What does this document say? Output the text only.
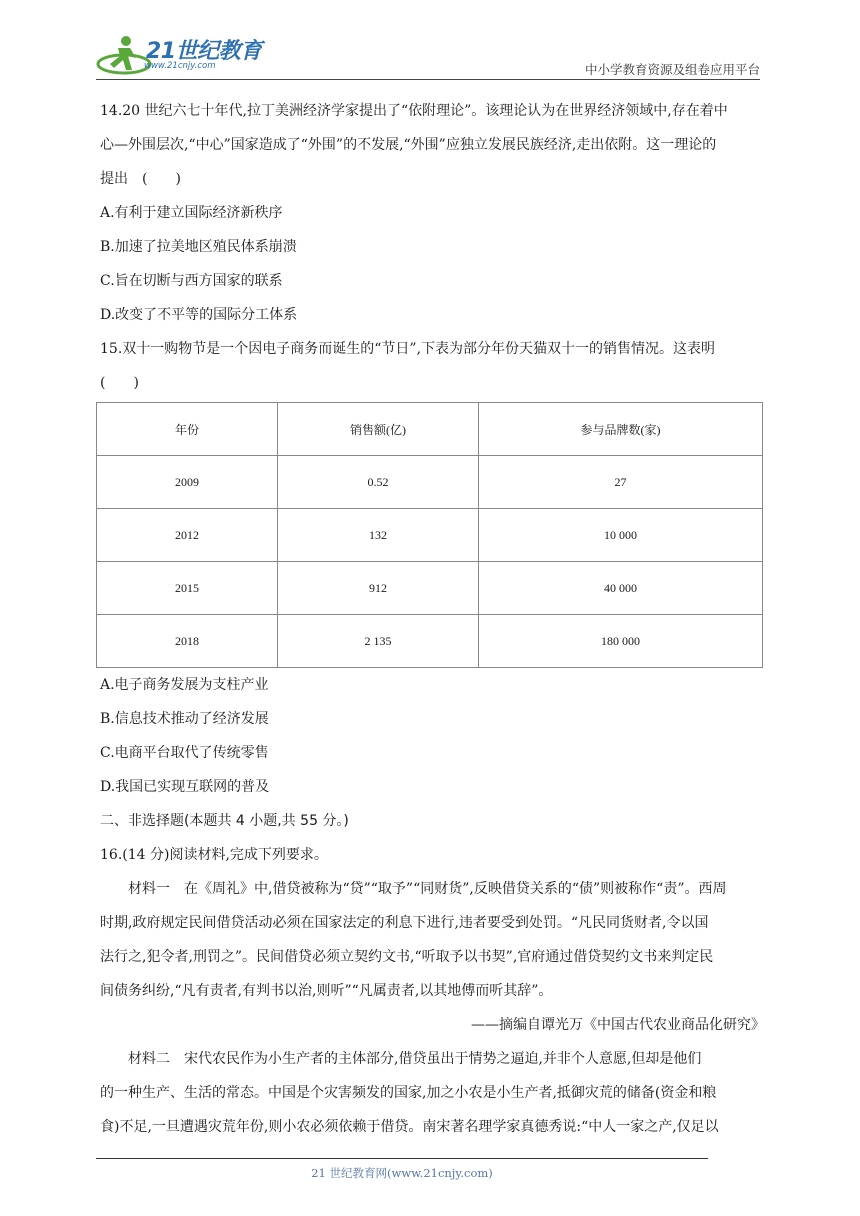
21世纪教育
www.21cnjy.com	中小学教育资源及组卷应用平台
14.20 世纪六七十年代,拉丁美洲经济学家提出了“依附理论”。该理论认为在世界经济领域中,存在着中
心—外围层次,“中心”国家造成了“外围”的不发展,“外围”应独立发展民族经济,走出依附。这一理论的
提出　(　　)
A.有利于建立国际经济新秩序
B.加速了拉美地区殖民体系崩溃
C.旨在切断与西方国家的联系
D.改变了不平等的国际分工体系
15.双十一购物节是一个因电子商务而诞生的“节日”,下表为部分年份天猫双十一的销售情况。这表明
(　　)
年份	销售额(亿)	参与品牌数(家)
2009	0.52	27
2012	132	10 000
2015	912	40 000
2018	2 135	180 000
A.电子商务发展为支柱产业
B.信息技术推动了经济发展
C.电商平台取代了传统零售
D.我国已实现互联网的普及
二、非选择题(本题共 4 小题,共 55 分。)
16.(14 分)阅读材料,完成下列要求。
材料一　在《周礼》中,借贷被称为“贷”“取予”“同财货”,反映借贷关系的“债”则被称作“责”。西周
时期,政府规定民间借贷活动必须在国家法定的利息下进行,违者要受到处罚。“凡民同货财者,令以国
法行之,犯令者,刑罚之”。民间借贷必须立契约文书,“听取予以书契”,官府通过借贷契约文书来判定民
间债务纠纷,“凡有责者,有判书以治,则听”“凡属责者,以其地傅而听其辞”。
——摘编自谭光万《中国古代农业商品化研究》
材料二　宋代农民作为小生产者的主体部分,借贷虽出于情势之逼迫,并非个人意愿,但却是他们
的一种生产、生活的常态。中国是个灾害频发的国家,加之小农是小生产者,抵御灾荒的储备(资金和粮
食)不足,一旦遭遇灾荒年份,则小农必须依赖于借贷。南宋著名理学家真德秀说:“中人一家之产,仅足以
21 世纪教育网(www.21cnjy.com)
